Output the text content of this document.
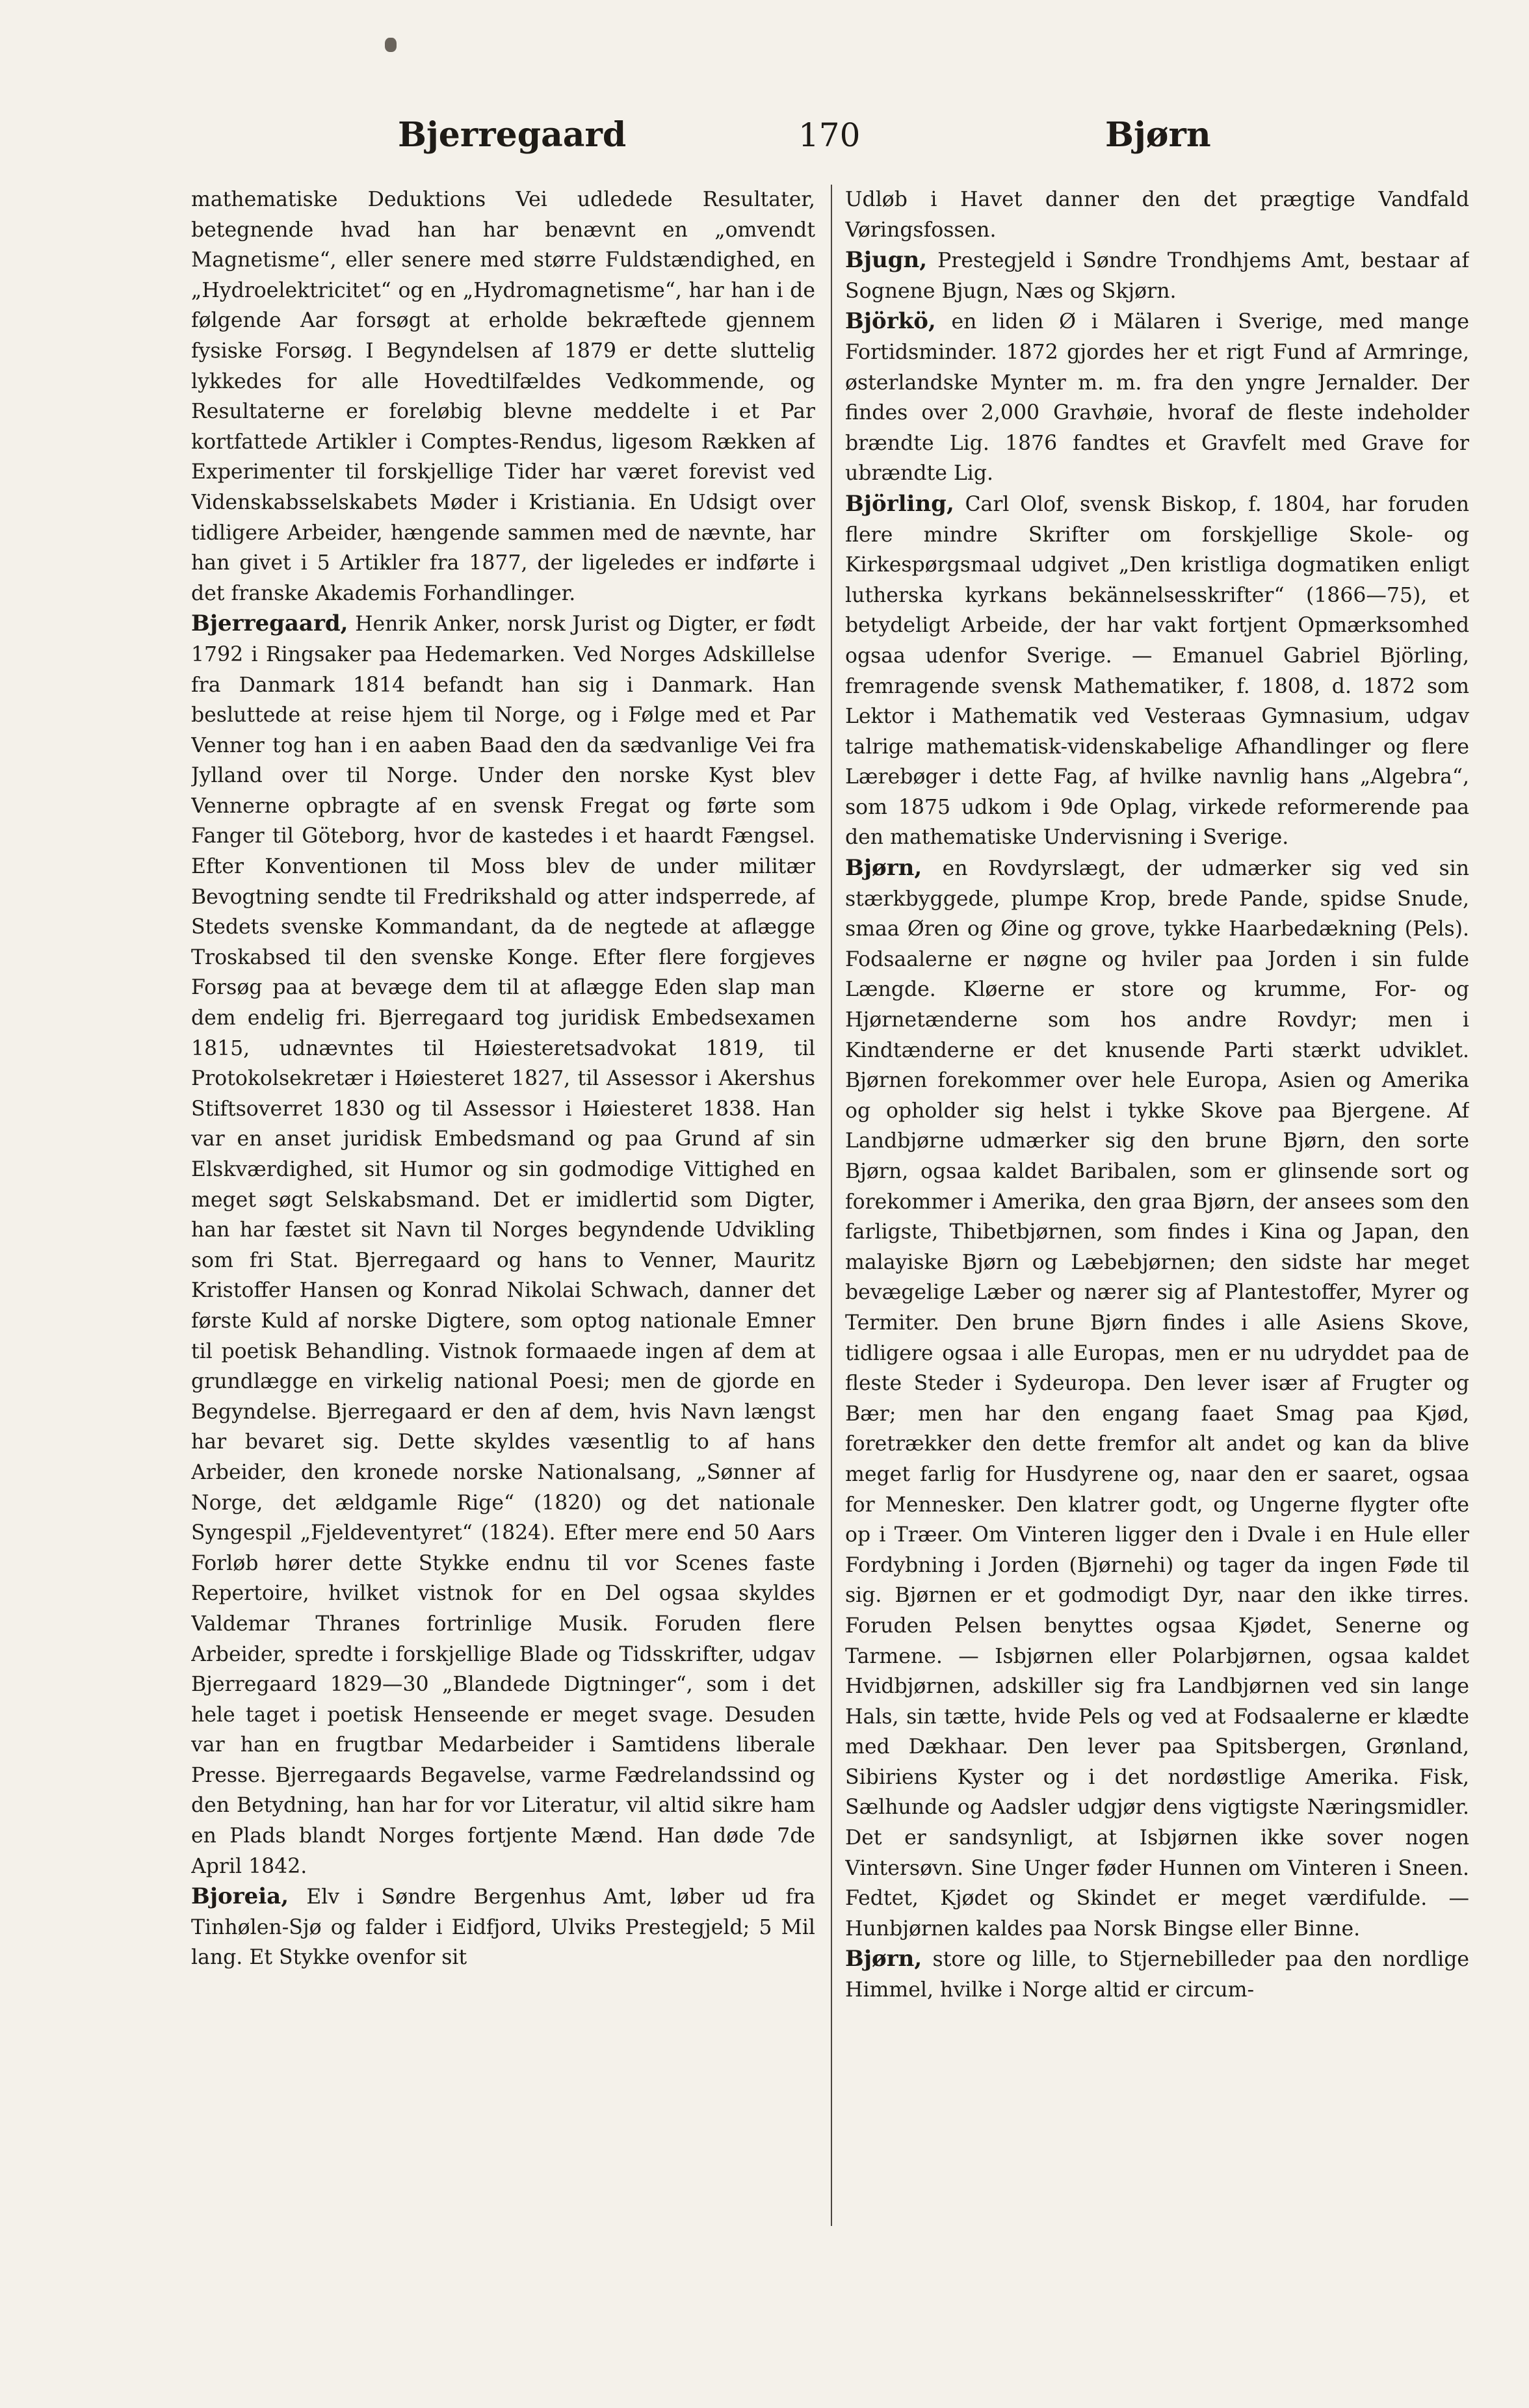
Bjerregaard	170	Bjørn

mathematiske Deduktions Vei udledede Resultater, betegnende hvad han har benævnt en „omvendt Magnetisme“, eller senere med større Fuldstændighed, en „Hydroelektricitet“ og en „Hydromagnetisme“, har han i de følgende Aar forsøgt at erholde bekræftede gjennem fysiske Forsøg. I Begyndelsen af 1879 er dette sluttelig lykkedes for alle Hovedtilfældes Vedkommende, og Resultaterne er foreløbig blevne meddelte i et Par kortfattede Artikler i Comptes-Rendus, ligesom Rækken af Experimenter til forskjellige Tider har været forevist ved Videnskabsselskabets Møder i Kristiania. En Udsigt over tidligere Arbeider, hængende sammen med de nævnte, har han givet i 5 Artikler fra 1877, der ligeledes er indførte i det franske Akademis Forhandlinger.

Bjerregaard, Henrik Anker, norsk Jurist og Digter, er født 1792 i Ringsaker paa Hedemarken. Ved Norges Adskillelse fra Danmark 1814 befandt han sig i Danmark. Han besluttede at reise hjem til Norge, og i Følge med et Par Venner tog han i en aaben Baad den da sædvanlige Vei fra Jylland over til Norge. Under den norske Kyst blev Vennerne opbragte af en svensk Fregat og førte som Fanger til Göteborg, hvor de kastedes i et haardt Fængsel. Efter Konventionen til Moss blev de under militær Bevogtning sendte til Fredrikshald og atter indsperrede, af Stedets svenske Kommandant, da de negtede at aflægge Troskabsed til den svenske Konge. Efter flere forgjeves Forsøg paa at bevæge dem til at aflægge Eden slap man dem endelig fri. Bjerregaard tog juridisk Embedsexamen 1815, udnævntes til Høiesteretsadvokat 1819, til Protokolsekretær i Høiesteret 1827, til Assessor i Akershus Stiftsoverret 1830 og til Assessor i Høiesteret 1838. Han var en anset juridisk Embedsmand og paa Grund af sin Elskværdighed, sit Humor og sin godmodige Vittighed en meget søgt Selskabsmand. Det er imidlertid som Digter, han har fæstet sit Navn til Norges begyndende Udvikling som fri Stat. Bjerregaard og hans to Venner, Mauritz Kristoffer Hansen og Konrad Nikolai Schwach, danner det første Kuld af norske Digtere, som optog nationale Emner til poetisk Behandling. Vistnok formaaede ingen af dem at grundlægge en virkelig national Poesi; men de gjorde en Begyndelse. Bjerregaard er den af dem, hvis Navn længst har bevaret sig. Dette skyldes væsentlig to af hans Arbeider, den kronede norske Nationalsang, „Sønner af Norge, det ældgamle Rige“ (1820) og det nationale Syngespil „Fjeldeventyret“ (1824). Efter mere end 50 Aars Forløb hører dette Stykke endnu til vor Scenes faste Repertoire, hvilket vistnok for en Del ogsaa skyldes Valdemar Thranes fortrinlige Musik. Foruden flere Arbeider, spredte i forskjellige Blade og Tidsskrifter, udgav Bjerregaard 1829—30 „Blandede Digtninger“, som i det hele taget i poetisk Henseende er meget svage. Desuden var han en frugtbar Medarbeider i Samtidens liberale Presse. Bjerregaards Begavelse, varme Fædrelandssind og den Betydning, han har for vor Literatur, vil altid sikre ham en Plads blandt Norges fortjente Mænd. Han døde 7de April 1842.

Bjoreia, Elv i Søndre Bergenhus Amt, løber ud fra Tinhølen-Sjø og falder i Eidfjord, Ulviks Prestegjeld; 5 Mil lang. Et Stykke ovenfor sit

Udløb i Havet danner den det prægtige Vandfald Vøringsfossen.

Bjugn, Prestegjeld i Søndre Trondhjems Amt, bestaar af Sognene Bjugn, Næs og Skjørn.

Björkö, en liden Ø i Mälaren i Sverige, med mange Fortidsminder. 1872 gjordes her et rigt Fund af Armringe, østerlandske Mynter m. m. fra den yngre Jernalder. Der findes over 2,000 Gravhøie, hvoraf de fleste indeholder brændte Lig. 1876 fandtes et Gravfelt med Grave for ubrændte Lig.

Björling, Carl Olof, svensk Biskop, f. 1804, har foruden flere mindre Skrifter om forskjellige Skole- og Kirkespørgsmaal udgivet „Den kristliga dogmatiken enligt lutherska kyrkans bekännelsesskrifter“ (1866—75), et betydeligt Arbeide, der har vakt fortjent Opmærksomhed ogsaa udenfor Sverige. — Emanuel Gabriel Björling, fremragende svensk Mathematiker, f. 1808, d. 1872 som Lektor i Mathematik ved Vesteraas Gymnasium, udgav talrige mathematisk-videnskabelige Afhandlinger og flere Lærebøger i dette Fag, af hvilke navnlig hans „Algebra“, som 1875 udkom i 9de Oplag, virkede reformerende paa den mathematiske Undervisning i Sverige.

Bjørn, en Rovdyrslægt, der udmærker sig ved sin stærkbyggede, plumpe Krop, brede Pande, spidse Snude, smaa Øren og Øine og grove, tykke Haarbedækning (Pels). Fodsaalerne er nøgne og hviler paa Jorden i sin fulde Længde. Kløerne er store og krumme, For- og Hjørnetænderne som hos andre Rovdyr; men i Kindtænderne er det knusende Parti stærkt udviklet. Bjørnen forekommer over hele Europa, Asien og Amerika og opholder sig helst i tykke Skove paa Bjergene. Af Landbjørne udmærker sig den brune Bjørn, den sorte Bjørn, ogsaa kaldet Baribalen, som er glinsende sort og forekommer i Amerika, den graa Bjørn, der ansees som den farligste, Thibetbjørnen, som findes i Kina og Japan, den malayiske Bjørn og Læbebjørnen; den sidste har meget bevægelige Læber og nærer sig af Plantestoffer, Myrer og Termiter. Den brune Bjørn findes i alle Asiens Skove, tidligere ogsaa i alle Europas, men er nu udryddet paa de fleste Steder i Sydeuropa. Den lever især af Frugter og Bær; men har den engang faaet Smag paa Kjød, foretrækker den dette fremfor alt andet og kan da blive meget farlig for Husdyrene og, naar den er saaret, ogsaa for Mennesker. Den klatrer godt, og Ungerne flygter ofte op i Træer. Om Vinteren ligger den i Dvale i en Hule eller Fordybning i Jorden (Bjørnehi) og tager da ingen Føde til sig. Bjørnen er et godmodigt Dyr, naar den ikke tirres. Foruden Pelsen benyttes ogsaa Kjødet, Senerne og Tarmene. — Isbjørnen eller Polarbjørnen, ogsaa kaldet Hvidbjørnen, adskiller sig fra Landbjørnen ved sin lange Hals, sin tætte, hvide Pels og ved at Fodsaalerne er klædte med Dækhaar. Den lever paa Spitsbergen, Grønland, Sibiriens Kyster og i det nordøstlige Amerika. Fisk, Sælhunde og Aadsler udgjør dens vigtigste Næringsmidler. Det er sandsynligt, at Isbjørnen ikke sover nogen Vintersøvn. Sine Unger føder Hunnen om Vinteren i Sneen. Fedtet, Kjødet og Skindet er meget værdifulde. — Hunbjørnen kaldes paa Norsk Bingse eller Binne.

Bjørn, store og lille, to Stjernebilleder paa den nordlige Himmel, hvilke i Norge altid er circum-
